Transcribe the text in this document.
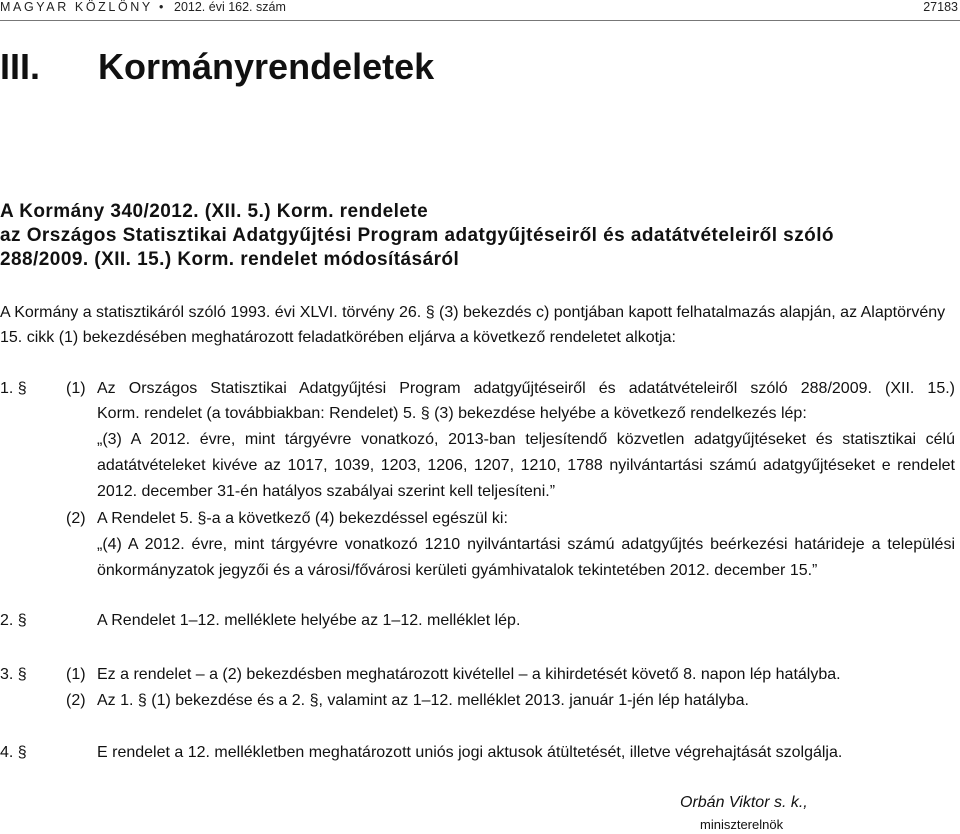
MAGYAR KÖZLÖNY • 2012. évi 162. szám	27183
III. Kormányrendeletek
A Kormány 340/2012. (XII. 5.) Korm. rendelete
az Országos Statisztikai Adatgyűjtési Program adatgyűjtéseiről és adatátvételeiről szóló
288/2009. (XII. 15.) Korm. rendelet módosításáról
A Kormány a statisztikáról szóló 1993. évi XLVI. törvény 26. § (3) bekezdés c) pontjában kapott felhatalmazás alapján, az Alaptörvény
15. cikk (1) bekezdésében meghatározott feladatkörében eljárva a következő rendeletet alkotja:
1. § (1) Az Országos Statisztikai Adatgyűjtési Program adatgyűjtéseiről és adatátvételeiről szóló 288/2009. (XII. 15.)
Korm. rendelet (a továbbiakban: Rendelet) 5. § (3) bekezdése helyébe a következő rendelkezés lép:
„(3) A 2012. évre, mint tárgyévre vonatkozó, 2013-ban teljesítendő közvetlen adatgyűjtéseket és statisztikai célú
adatátvételeket kivéve az 1017, 1039, 1203, 1206, 1207, 1210, 1788 nyilvántartási számú adatgyűjtéseket e rendelet
2012. december 31-én hatályos szabályai szerint kell teljesíteni.”
(2) A Rendelet 5. §-a a következő (4) bekezdéssel egészül ki:
„(4) A 2012. évre, mint tárgyévre vonatkozó 1210 nyilvántartási számú adatgyűjtés beérkezési határideje a települési
önkormányzatok jegyzői és a városi/fővárosi kerületi gyámhivatalok tekintetében 2012. december 15.”
2. §	A Rendelet 1–12. melléklete helyébe az 1–12. melléklet lép.
3. § (1) Ez a rendelet – a (2) bekezdésben meghatározott kivétellel – a kihirdetését követő 8. napon lép hatályba.
(2) Az 1. § (1) bekezdése és a 2. §, valamint az 1–12. melléklet 2013. január 1-jén lép hatályba.
4. §	E rendelet a 12. mellékletben meghatározott uniós jogi aktusok átültetését, illetve végrehajtását szolgálja.
Orbán Viktor s. k.,
miniszterelnök
